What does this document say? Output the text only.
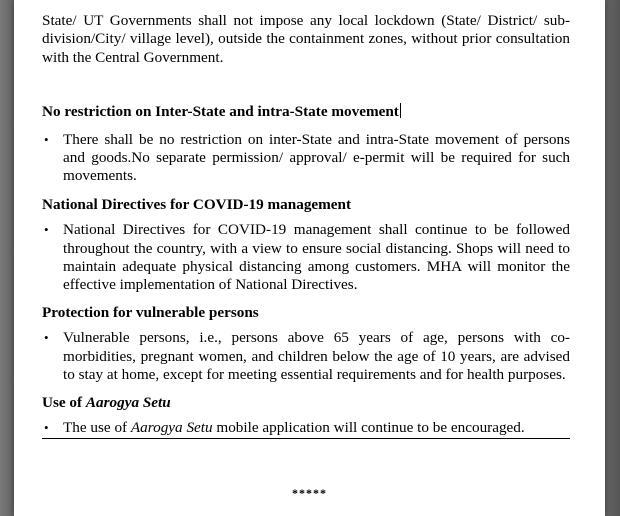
State/ UT Governments shall not impose any local lockdown (State/ District/ sub-division/City/ village level), outside the containment zones, without prior consultation with the Central Government.

No restriction on Inter-State and intra-State movement
• There shall be no restriction on inter-State and intra-State movement of persons and goods.No separate permission/ approval/ e-permit will be required for such movements.
National Directives for COVID-19 management
• National Directives for COVID-19 management shall continue to be followed throughout the country, with a view to ensure social distancing. Shops will need to maintain adequate physical distancing among customers. MHA will monitor the effective implementation of National Directives.
Protection for vulnerable persons
• Vulnerable persons, i.e., persons above 65 years of age, persons with co-morbidities, pregnant women, and children below the age of 10 years, are advised to stay at home, except for meeting essential requirements and for health purposes.
Use of Aarogya Setu
• The use of Aarogya Setu mobile application will continue to be encouraged.
*****
